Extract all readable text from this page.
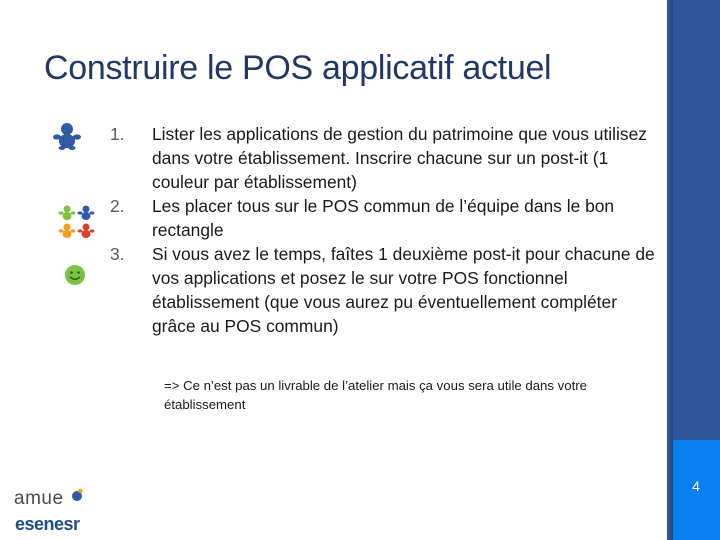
4
Construire le POS applicatif actuel
1. Lister les applications de gestion du patrimoine que vous utilisez dans votre établissement. Inscrire chacune sur un post-it (1 couleur par établissement)
2. Les placer tous sur le POS commun de l’équipe dans le bon rectangle
3. Si vous avez le temps, faîtes 1 deuxième post-it pour chacune de vos applications et posez le sur votre POS fonctionnel établissement (que vous aurez pu éventuellement compléter grâce au POS commun)
=> Ce n’est pas un livrable de l’atelier mais ça vous sera utile dans votre établissement
amue
esenesr
